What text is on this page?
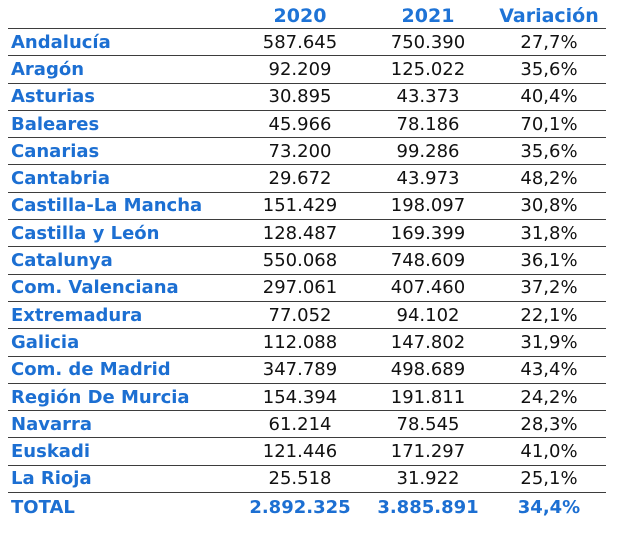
	2020	2021	Variación
Andalucía	587.645	750.390	27,7%
Aragón	92.209	125.022	35,6%
Asturias	30.895	43.373	40,4%
Baleares	45.966	78.186	70,1%
Canarias	73.200	99.286	35,6%
Cantabria	29.672	43.973	48,2%
Castilla-La Mancha	151.429	198.097	30,8%
Castilla y León	128.487	169.399	31,8%
Catalunya	550.068	748.609	36,1%
Com. Valenciana	297.061	407.460	37,2%
Extremadura	77.052	94.102	22,1%
Galicia	112.088	147.802	31,9%
Com. de Madrid	347.789	498.689	43,4%
Región De Murcia	154.394	191.811	24,2%
Navarra	61.214	78.545	28,3%
Euskadi	121.446	171.297	41,0%
La Rioja	25.518	31.922	25,1%
TOTAL	2.892.325	3.885.891	34,4%
